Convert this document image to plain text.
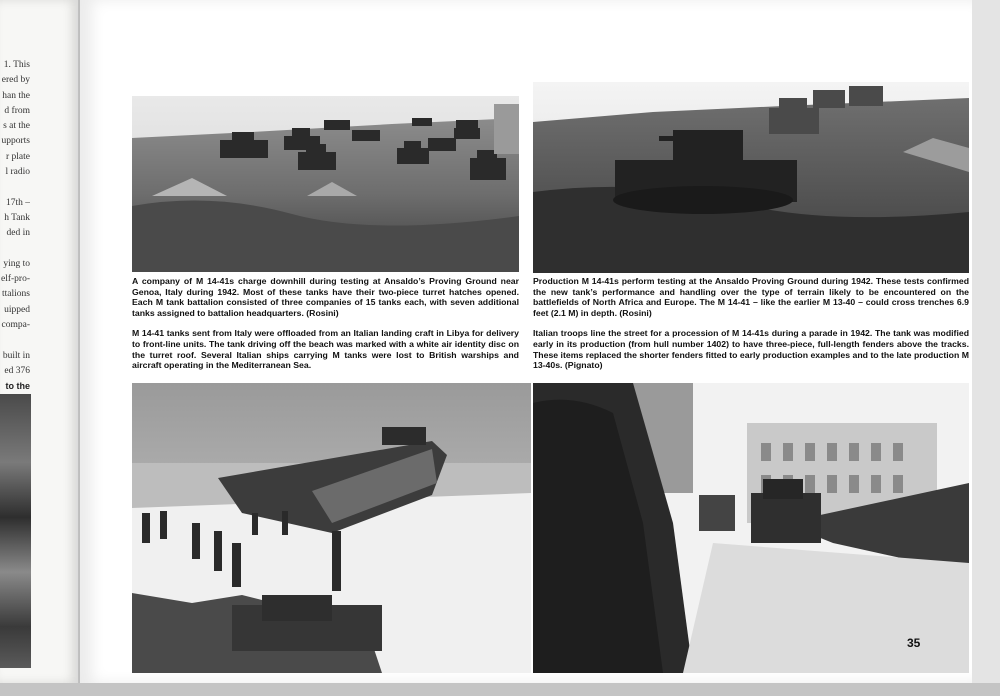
1. This
ered by
han the
d from
s at the
upports
r plate
l radio
17th –
h Tank
ded in
ying to
elf-pro-
ttalions
uipped
compa-
built in
ed 376
to the

A company of M 14-41s charge downhill during testing at Ansaldo’s Proving Ground near Genoa, Italy during 1942. Most of these tanks have their two-piece turret hatches opened. Each M tank battalion consisted of three companies of 15 tanks each, with seven additional tanks assigned to battalion headquarters. (Rosini)

M 14-41 tanks sent from Italy were offloaded from an Italian landing craft in Libya for delivery to front-line units. The tank driving off the beach was marked with a white air identity disc on the turret roof. Several Italian ships carrying M tanks were lost to British warships and aircraft operating in the Mediterranean Sea.

Production M 14-41s perform testing at the Ansaldo Proving Ground during 1942. These tests confirmed the new tank’s performance and handling over the type of terrain likely to be encountered on the battlefields of North Africa and Europe. The M 14-41 – like the earlier M 13-40 – could cross trenches 6.9 feet (2.1 M) in depth. (Rosini)

Italian troops line the street for a procession of M 14-41s during a parade in 1942. The tank was modified early in its production (from hull number 1402) to have three-piece, full-length fenders above the tracks. These items replaced the shorter fenders fitted to early production examples and to the late production M 13-40s. (Pignato)

35
